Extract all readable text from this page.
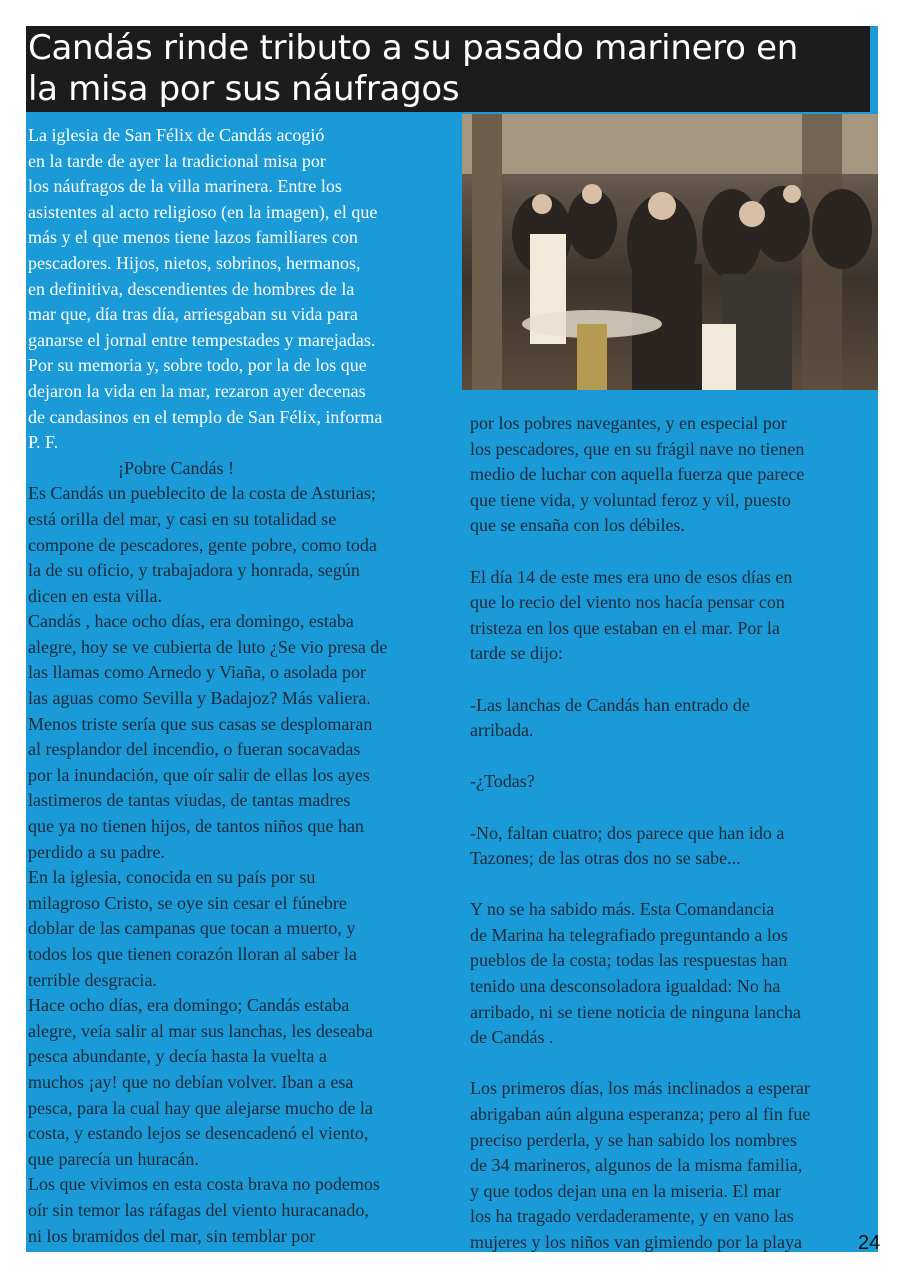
Candás rinde tributo a su pasado marinero en
la misa por sus náufragos
La iglesia de San Félix de Candás acogió
en la tarde de ayer la tradicional misa por
los náufragos de la villa marinera. Entre los
asistentes al acto religioso (en la imagen), el que
más y el que menos tiene lazos familiares con
pescadores. Hijos, nietos, sobrinos, hermanos,
en definitiva, descendientes de hombres de la
mar que, día tras día, arriesgaban su vida para
ganarse el jornal entre tempestades y marejadas.
Por su memoria y, sobre todo, por la de los que
dejaron la vida en la mar, rezaron ayer decenas
de candasinos en el templo de San Félix, informa
P. F.
¡Pobre Candás !
Es Candás un pueblecito de la costa de Asturias;
está orilla del mar, y casi en su totalidad se
compone de pescadores, gente pobre, como toda
la de su oficio, y trabajadora y honrada, según
dicen en esta villa.
Candás , hace ocho días, era domingo, estaba
alegre, hoy se ve cubierta de luto ¿Se vio presa de
las llamas como Arnedo y Viaña, o asolada por
las aguas como Sevilla y Badajoz? Más valiera.
Menos triste sería que sus casas se desplomaran
al resplandor del incendio, o fueran socavadas
por la inundación, que oír salir de ellas los ayes
lastimeros de tantas viudas, de tantas madres
que ya no tienen hijos, de tantos niños que han
perdido a su padre.
En la iglesia, conocida en su país por su
milagroso Cristo, se oye sin cesar el fúnebre
doblar de las campanas que tocan a muerto, y
todos los que tienen corazón lloran al saber la
terrible desgracia.
Hace ocho días, era domingo; Candás estaba
alegre, veía salir al mar sus lanchas, les deseaba
pesca abundante, y decía hasta la vuelta a
muchos ¡ay! que no debían volver. Iban a esa
pesca, para la cual hay que alejarse mucho de la
costa, y estando lejos se desencadenó el viento,
que parecía un huracán.
Los que vivimos en esta costa brava no podemos
oír sin temor las ráfagas del viento huracanado,
ni los bramidos del mar, sin temblar por
por los pobres navegantes, y en especial por
los pescadores, que en su frágil nave no tienen
medio de luchar con aquella fuerza que parece
que tiene vida, y voluntad feroz y vil, puesto
que se ensaña con los débiles.
El día 14 de este mes era uno de esos días en
que lo recio del viento nos hacía pensar con
tristeza en los que estaban en el mar. Por la
tarde se dijo:
-Las lanchas de Candás han entrado de
arribada.
-¿Todas?
-No, faltan cuatro; dos parece que han ido a
Tazones; de las otras dos no se sabe...
Y no se ha sabido más. Esta Comandancia
de Marina ha telegrafiado preguntando a los
pueblos de la costa; todas las respuestas han
tenido una desconsoladora igualdad: No ha
arribado, ni se tiene noticia de ninguna lancha
de Candás .
Los primeros días, los más inclinados a esperar
abrigaban aún alguna esperanza; pero al fin fue
preciso perderla, y se han sabido los nombres
de 34 marineros, algunos de la misma familia,
y que todos dejan una en la miseria. El mar
los ha tragado verdaderamente, y en vano las
mujeres y los niños van gimiendo por la playa	24
